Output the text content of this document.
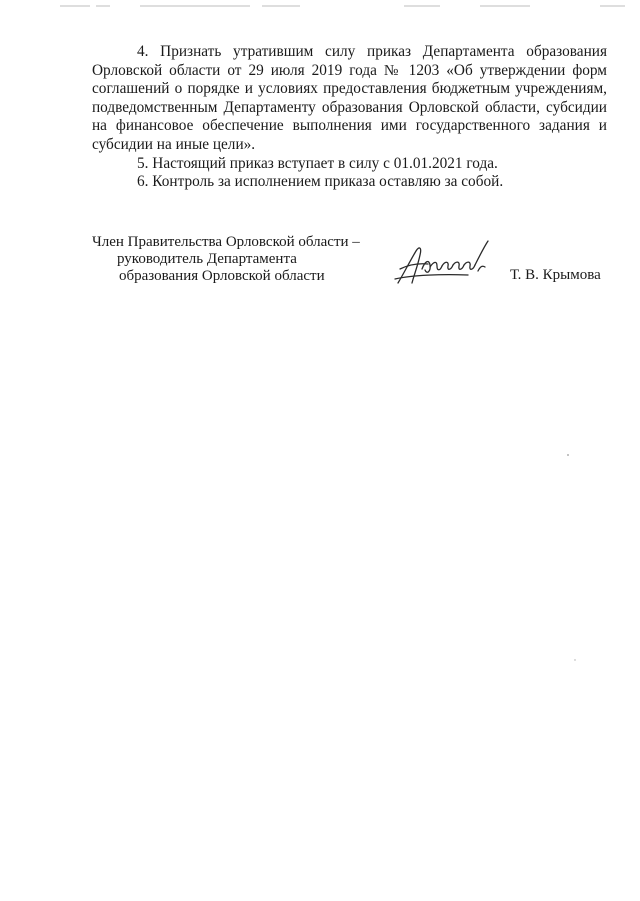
4. Признать утратившим силу приказ Департамента образования Орловской области от 29 июля 2019 года № 1203 «Об утверждении форм соглашений о порядке и условиях предоставления бюджетным учреждениям, подведомственным Департаменту образования Орловской области, субсидии на финансовое обеспечение выполнения ими государственного задания и субсидии на иные цели».

5. Настоящий приказ вступает в силу с 01.01.2021 года.

6. Контроль за исполнением приказа оставляю за собой.

Член Правительства Орловской области –
руководитель Департамента
образования Орловской области	Т. В. Крымова
